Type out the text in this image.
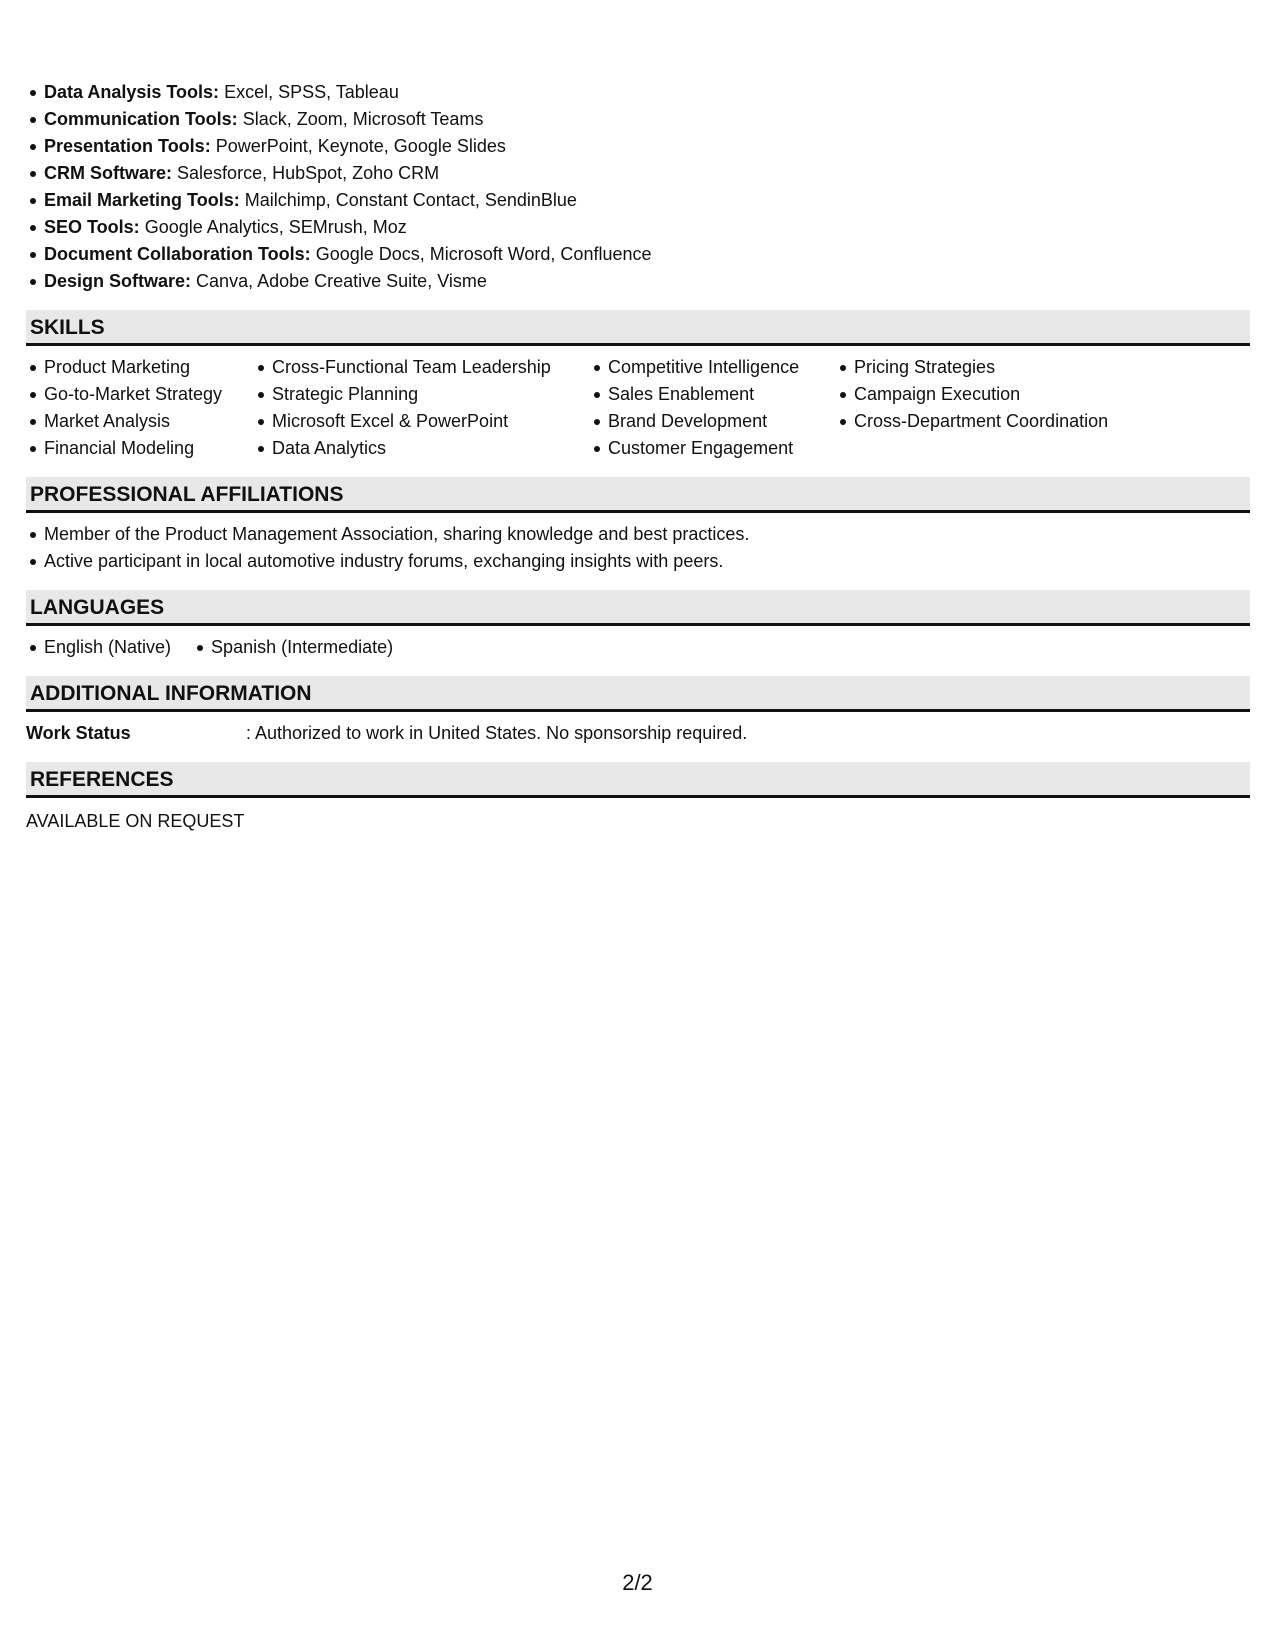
Data Analysis Tools: Excel, SPSS, Tableau
Communication Tools: Slack, Zoom, Microsoft Teams
Presentation Tools: PowerPoint, Keynote, Google Slides
CRM Software: Salesforce, HubSpot, Zoho CRM
Email Marketing Tools: Mailchimp, Constant Contact, SendinBlue
SEO Tools: Google Analytics, SEMrush, Moz
Document Collaboration Tools: Google Docs, Microsoft Word, Confluence
Design Software: Canva, Adobe Creative Suite, Visme
SKILLS
Product Marketing
Go-to-Market Strategy
Market Analysis
Financial Modeling
Cross-Functional Team Leadership
Strategic Planning
Microsoft Excel & PowerPoint
Data Analytics
Competitive Intelligence
Sales Enablement
Brand Development
Customer Engagement
Pricing Strategies
Campaign Execution
Cross-Department Coordination
PROFESSIONAL AFFILIATIONS
Member of the Product Management Association, sharing knowledge and best practices.
Active participant in local automotive industry forums, exchanging insights with peers.
LANGUAGES
English (Native) Spanish (Intermediate)
ADDITIONAL INFORMATION
Work Status	: Authorized to work in United States. No sponsorship required.
REFERENCES
AVAILABLE ON REQUEST
2/2
